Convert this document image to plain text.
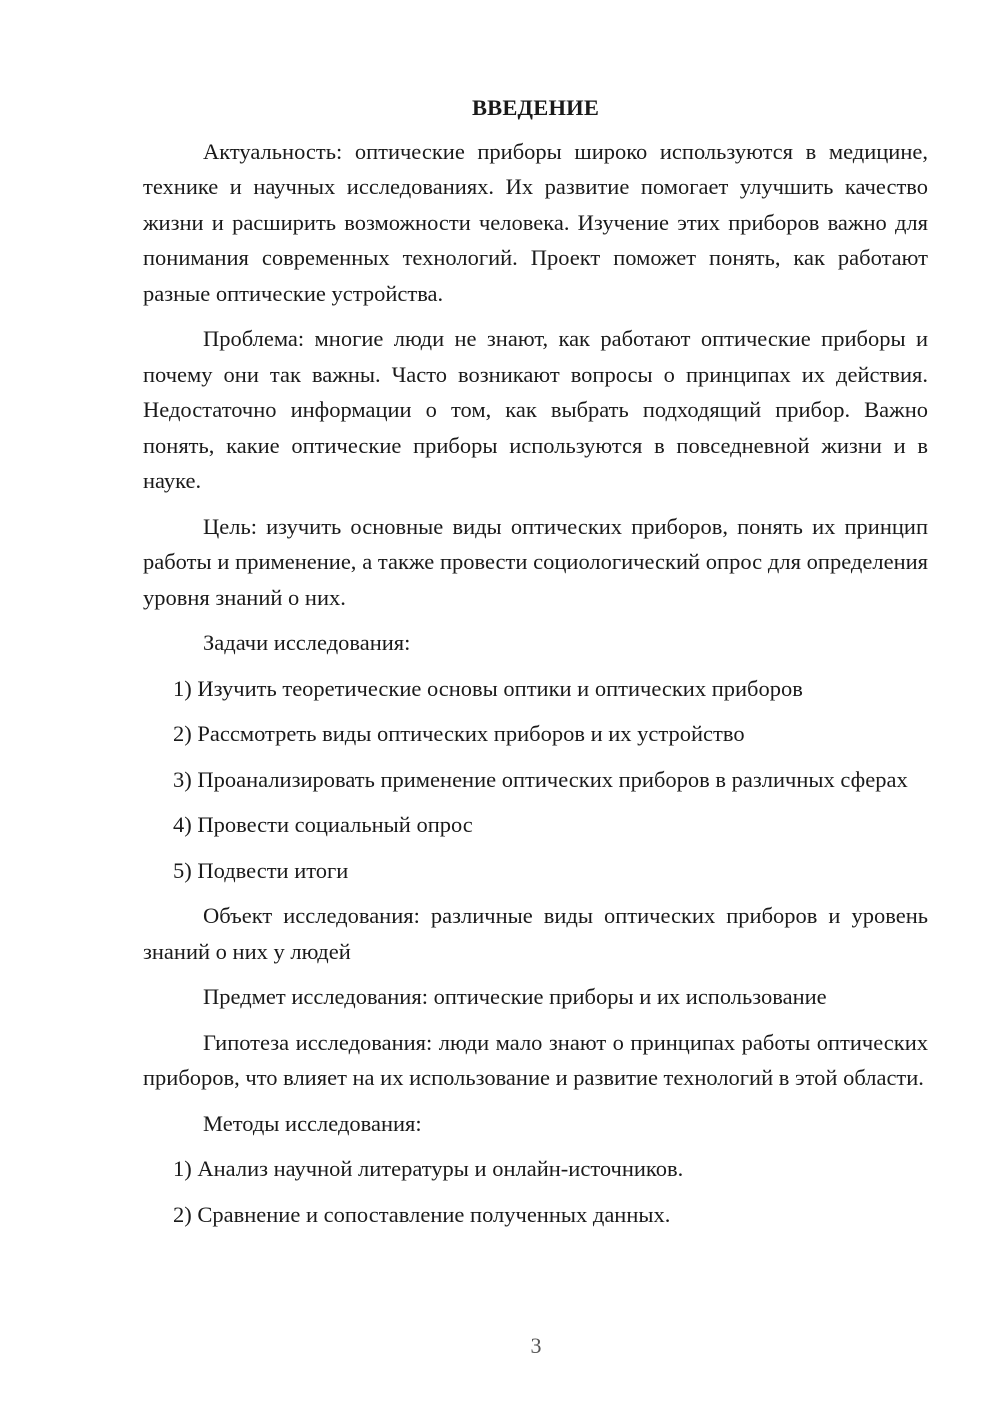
ВВЕДЕНИЕ

Актуальность: оптические приборы широко используются в медицине, технике и научных исследованиях. Их развитие помогает улучшить качество жизни и расширить возможности человека. Изучение этих приборов важно для понимания современных технологий. Проект поможет понять, как работают разные оптические устройства.

Проблема: многие люди не знают, как работают оптические приборы и почему они так важны. Часто возникают вопросы о принципах их действия. Недостаточно информации о том, как выбрать подходящий прибор. Важно понять, какие оптические приборы используются в повседневной жизни и в науке.

Цель: изучить основные виды оптических приборов, понять их принцип работы и применение, а также провести социологический опрос для определения уровня знаний о них.

Задачи исследования:

1) Изучить теоретические основы оптики и оптических приборов

2) Рассмотреть виды оптических приборов и их устройство

3) Проанализировать применение оптических приборов в различных сферах

4) Провести социальный опрос

5) Подвести итоги

Объект исследования: различные виды оптических приборов и уровень знаний о них у людей

Предмет исследования: оптические приборы и их использование

Гипотеза исследования: люди мало знают о принципах работы оптических приборов, что влияет на их использование и развитие технологий в этой области.

Методы исследования:

1) Анализ научной литературы и онлайн-источников.

2) Сравнение и сопоставление полученных данных.

3
